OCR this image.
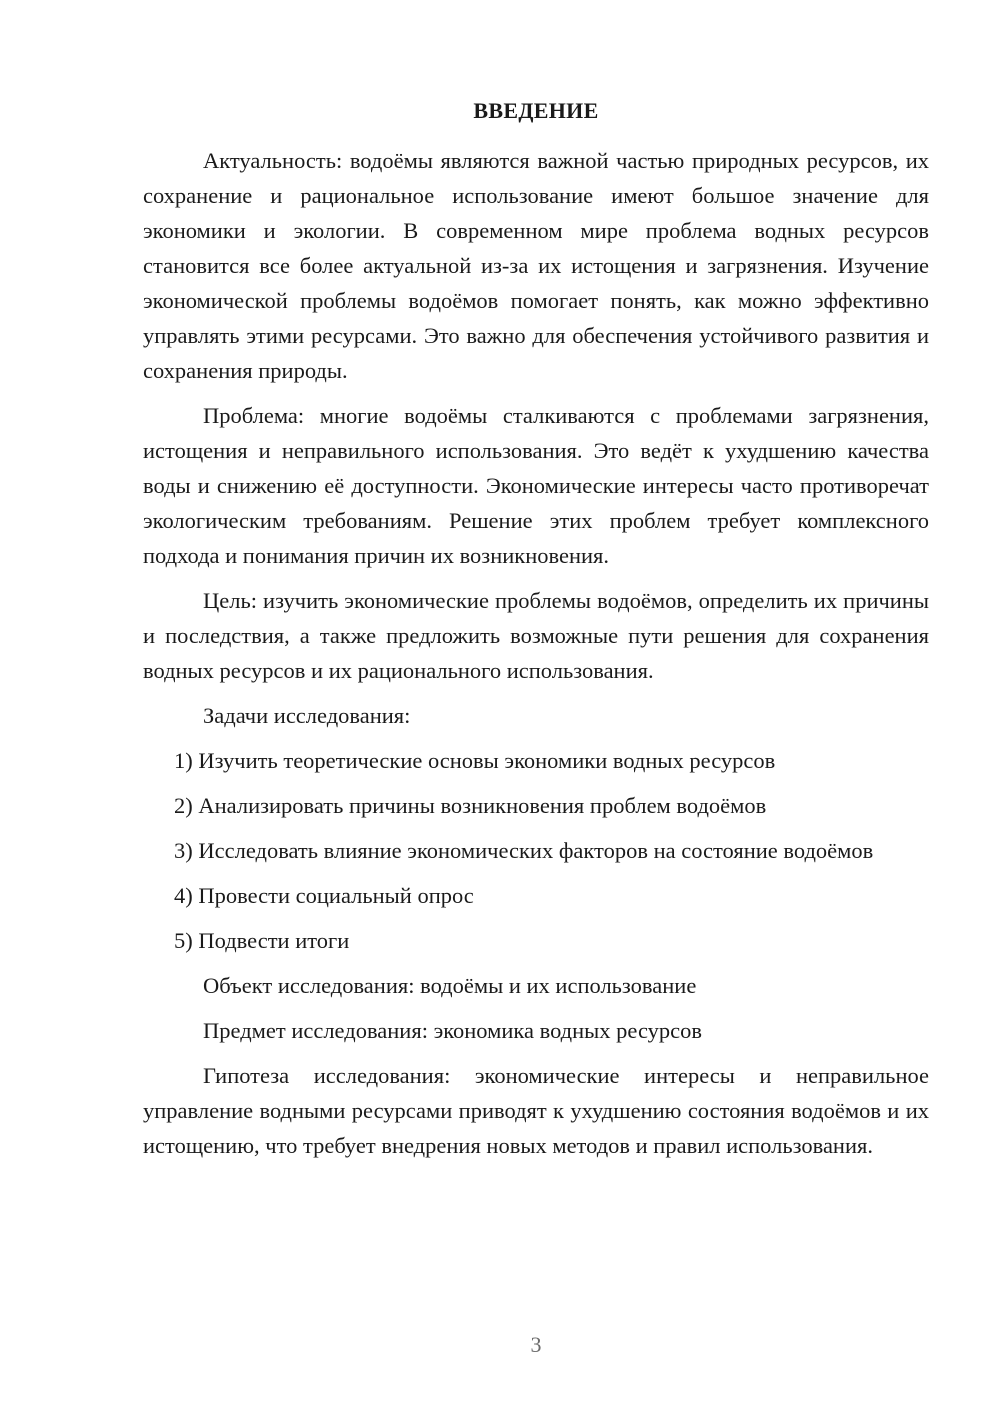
ВВЕДЕНИЕ

Актуальность: водоёмы являются важной частью природных ресурсов, их сохранение и рациональное использование имеют большое значение для экономики и экологии. В современном мире проблема водных ресурсов становится все более актуальной из-за их истощения и загрязнения. Изучение экономической проблемы водоёмов помогает понять, как можно эффективно управлять этими ресурсами. Это важно для обеспечения устойчивого развития и сохранения природы.

Проблема: многие водоёмы сталкиваются с проблемами загрязнения, истощения и неправильного использования. Это ведёт к ухудшению качества воды и снижению её доступности. Экономические интересы часто противоречат экологическим требованиям. Решение этих проблем требует комплексного подхода и понимания причин их возникновения.

Цель: изучить экономические проблемы водоёмов, определить их причины и последствия, а также предложить возможные пути решения для сохранения водных ресурсов и их рационального использования.

Задачи исследования:

1) Изучить теоретические основы экономики водных ресурсов

2) Анализировать причины возникновения проблем водоёмов

3) Исследовать влияние экономических факторов на состояние водоёмов

4) Провести социальный опрос

5) Подвести итоги

Объект исследования: водоёмы и их использование

Предмет исследования: экономика водных ресурсов

Гипотеза исследования: экономические интересы и неправильное управление водными ресурсами приводят к ухудшению состояния водоёмов и их истощению, что требует внедрения новых методов и правил использования.

3
